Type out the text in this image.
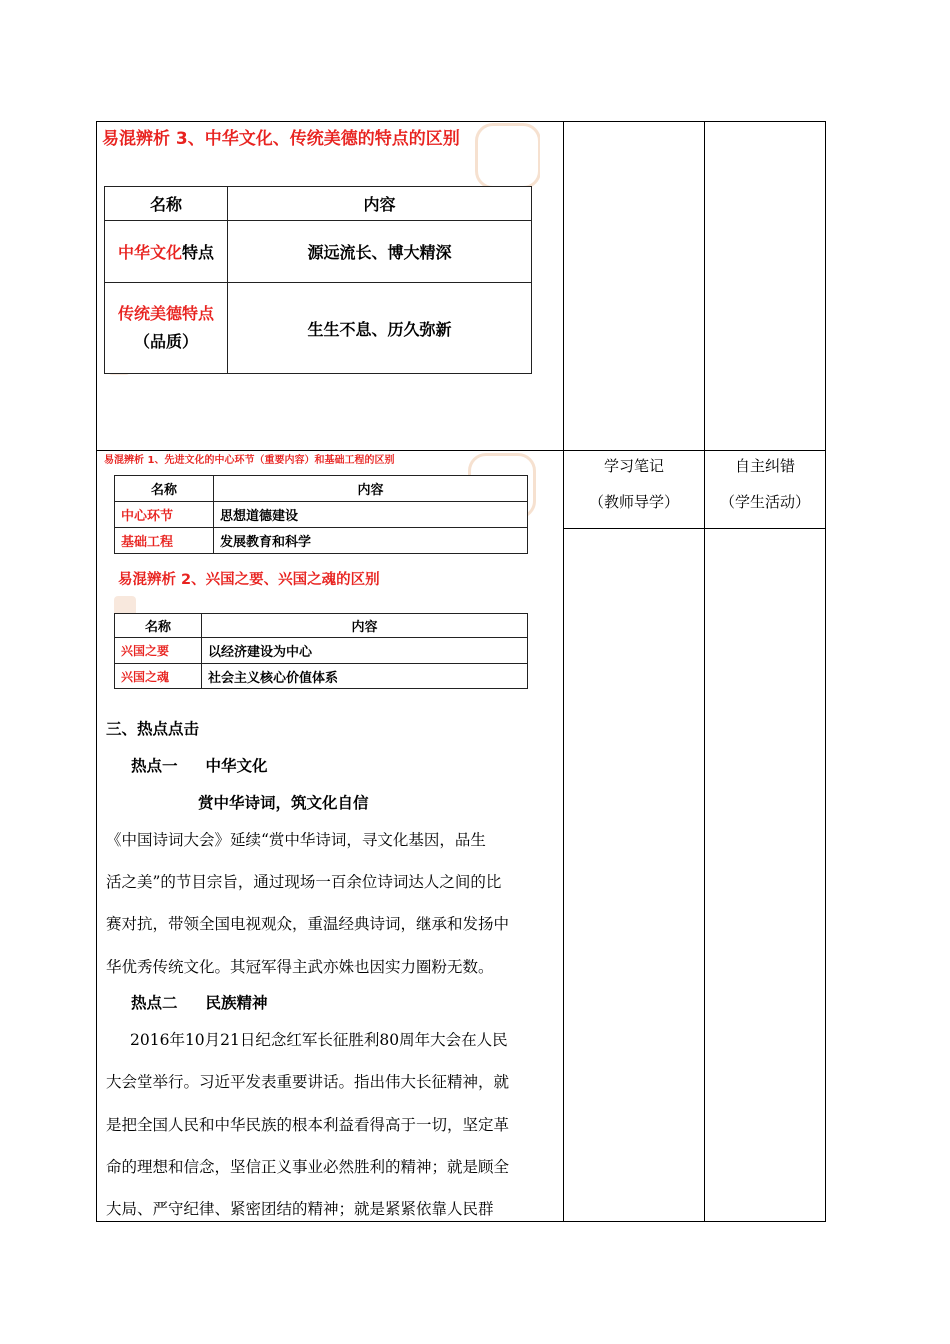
易混辨析 3、中华文化、传统美德的特点的区别
名称	内容
中华文化特点	源远流长、博大精深
传统美德特点
（品质）	生生不息、历久弥新
易混辨析 1、先进文化的中心环节（重要内容）和基础工程的区别
名称	内容
中心环节	思想道德建设
基础工程	发展教育和科学
易混辨析 2、兴国之要、兴国之魂的区别
名称	内容
兴国之要	以经济建设为中心
兴国之魂	社会主义核心价值体系
学习笔记
（教师导学）
自主纠错
（学生活动）
三、热点点击
热点一 中华文化
赏中华诗词，筑文化自信
《中国诗词大会》延续“赏中华诗词，寻文化基因，品生
活之美”的节目宗旨，通过现场一百余位诗词达人之间的比
赛对抗，带领全国电视观众，重温经典诗词，继承和发扬中
华优秀传统文化。其冠军得主武亦姝也因实力圈粉无数。
热点二 民族精神
2016年10月21日纪念红军长征胜利80周年大会在人民
大会堂举行。习近平发表重要讲话。指出伟大长征精神，就
是把全国人民和中华民族的根本利益看得高于一切，坚定革
命的理想和信念，坚信正义事业必然胜利的精神；就是顾全
大局、严守纪律、紧密团结的精神；就是紧紧依靠人民群
